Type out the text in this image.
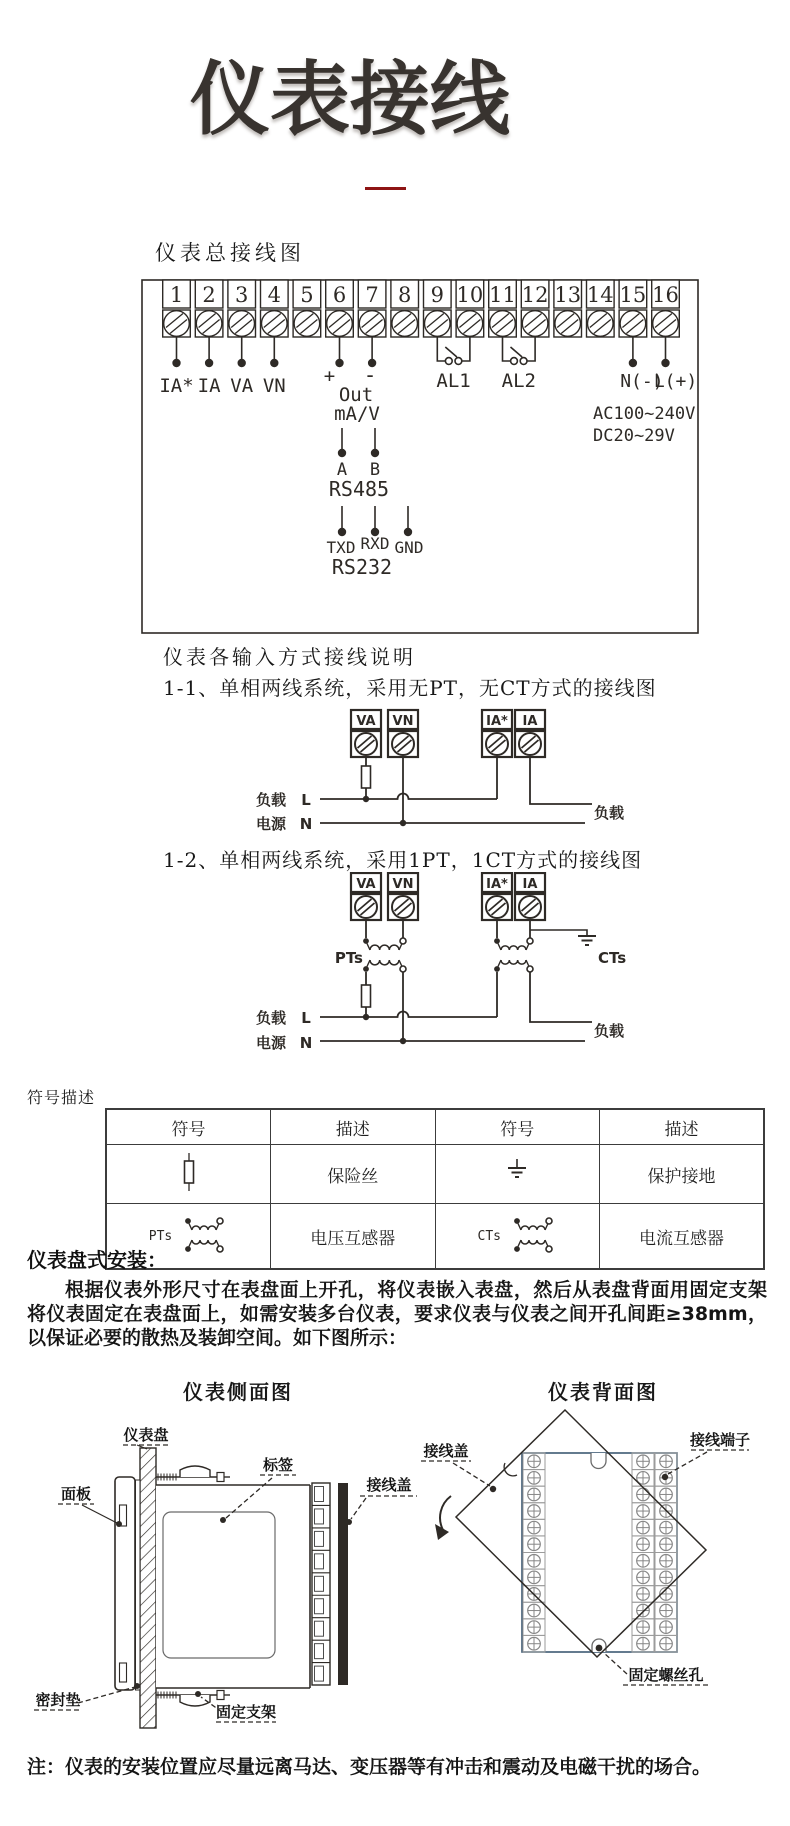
仪表接线
仪表总接线图
1 2 3 4 5 6 7 8 9 10 11 12 13 14 15 16
IA* IA VA VN + -
Out
mA/V
A B
RS485
TXD RXD GND
RS232
AL1 AL2	N(-)
L(+)
AC100~240V
DC20~29V
仪表各输入方式接线说明
1-1、单相两线系统，采用无PT，无CT方式的接线图
VA VN	IA* IA
负载 L
电源 N
负载
1-2、单相两线系统，采用1PT，1CT方式的接线图
VA VN	IA* IA
PTs	CTs
负载 L
电源 N
负载
符号描述
符号	描述	符号	描述

	保险丝		保护接地

PTs	电压互感器	CTs	电流互感器
仪表盘式安装：
根据仪表外形尺寸在表盘面上开孔，将仪表嵌入表盘，然后从表盘背面用固定支架将仪表固定在表盘面上，如需安装多台仪表，要求仪表与仪表之间开孔间距≥38mm，以保证必要的散热及装卸空间。如下图所示：
仪表侧面图	仪表背面图
仪表盘
面板
标签
接线盖
密封垫
固定支架
接线盖
接线端子
固定螺丝孔
注：仪表的安装位置应尽量远离马达、变压器等有冲击和震动及电磁干扰的场合。
